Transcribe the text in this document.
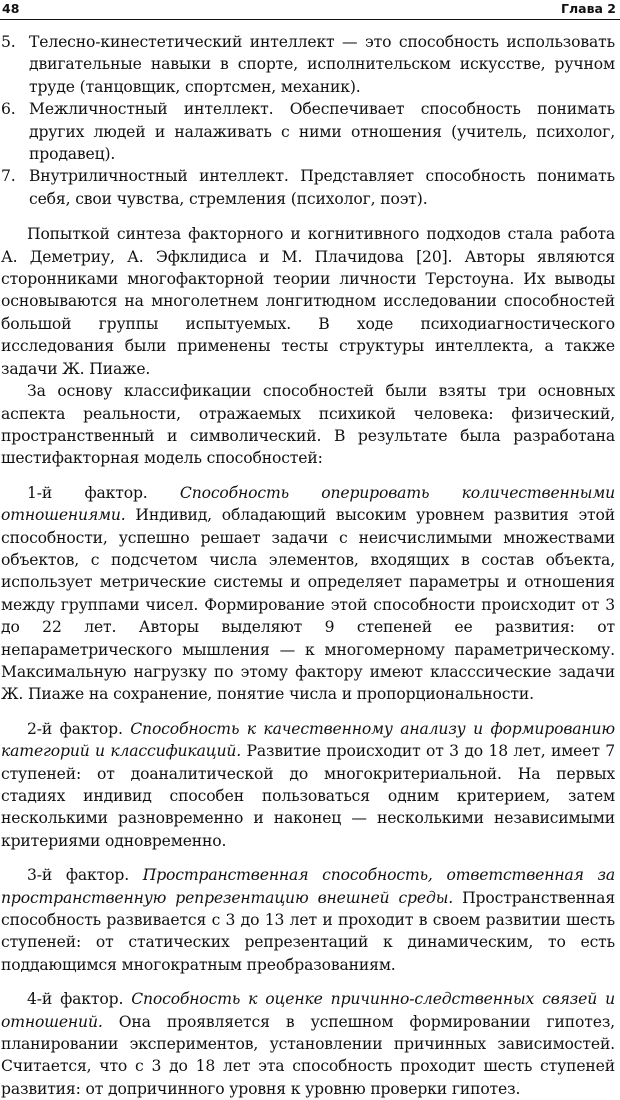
48	Глава 2
5. Телесно-кинестетический интеллект — это способность использовать двигательные навыки в спорте, исполнительском искусстве, ручном труде (танцовщик, спортсмен, механик).
6. Межличностный интеллект. Обеспечивает способность понимать других людей и налаживать с ними отношения (учитель, психолог, продавец).
7. Внутриличностный интеллект. Представляет способность понимать себя, свои чувства, стремления (психолог, поэт).

Попыткой синтеза факторного и когнитивного подходов стала работа А. Деметриу, А. Эфклидиса и М. Плачидова [20]. Авторы являются сторонниками многофакторной теории личности Терстоуна. Их выводы основываются на многолетнем лонгитюдном исследовании способностей большой группы испытуемых. В ходе психодиагностического исследования были применены тесты структуры интеллекта, а также задачи Ж. Пиаже.

За основу классификации способностей были взяты три основных аспекта реальности, отражаемых психикой человека: физический, пространственный и символический. В результате была разработана шестифакторная модель способностей:

1-й фактор. Способность оперировать количественными отношениями. Индивид, обладающий высоким уровнем развития этой способности, успешно решает задачи с неисчислимыми множествами объектов, с подсчетом числа элементов, входящих в состав объекта, использует метрические системы и определяет параметры и отношения между группами чисел. Формирование этой способности происходит от 3 до 22 лет. Авторы выделяют 9 степеней ее развития: от непараметрического мышления — к многомерному параметрическому. Максимальную нагрузку по этому фактору имеют класссические задачи Ж. Пиаже на сохранение, понятие числа и пропорциональности.

2-й фактор. Способность к качественному анализу и формированию категорий и классификаций. Развитие происходит от 3 до 18 лет, имеет 7 ступеней: от доаналитической до многокритериальной. На первых стадиях индивид способен пользоваться одним критерием, затем несколькими разновременно и наконец — несколькими независимыми критериями одновременно.

3-й фактор. Пространственная способность, ответственная за пространственную репрезентацию внешней среды. Пространственная способность развивается с 3 до 13 лет и проходит в своем развитии шесть ступеней: от статических репрезентаций к динамическим, то есть поддающимся многократным преобразованиям.

4-й фактор. Способность к оценке причинно-следственных связей и отношений. Она проявляется в успешном формировании гипотез, планировании экспериментов, установлении причинных зависимостей. Считается, что с 3 до 18 лет эта способность проходит шесть ступеней развития: от допричинного уровня к уровню проверки гипотез.
